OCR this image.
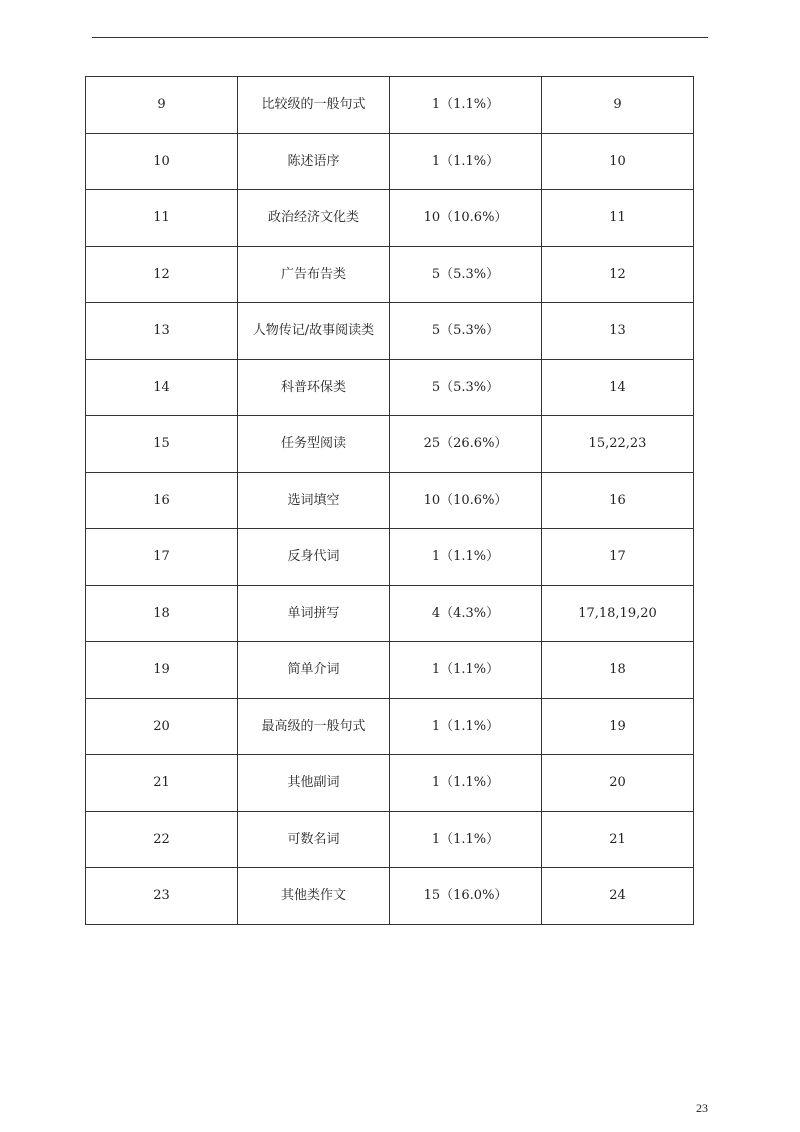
9	比较级的一般句式	1（1.1%）	9
10	陈述语序	1（1.1%）	10
11	政治经济文化类	10（10.6%）	11
12	广告布告类	5（5.3%）	12
13	人物传记/故事阅读类	5（5.3%）	13
14	科普环保类	5（5.3%）	14
15	任务型阅读	25（26.6%）	15,22,23
16	选词填空	10（10.6%）	16
17	反身代词	1（1.1%）	17
18	单词拼写	4（4.3%）	17,18,19,20
19	简单介词	1（1.1%）	18
20	最高级的一般句式	1（1.1%）	19
21	其他副词	1（1.1%）	20
22	可数名词	1（1.1%）	21
23	其他类作文	15（16.0%）	24
23
